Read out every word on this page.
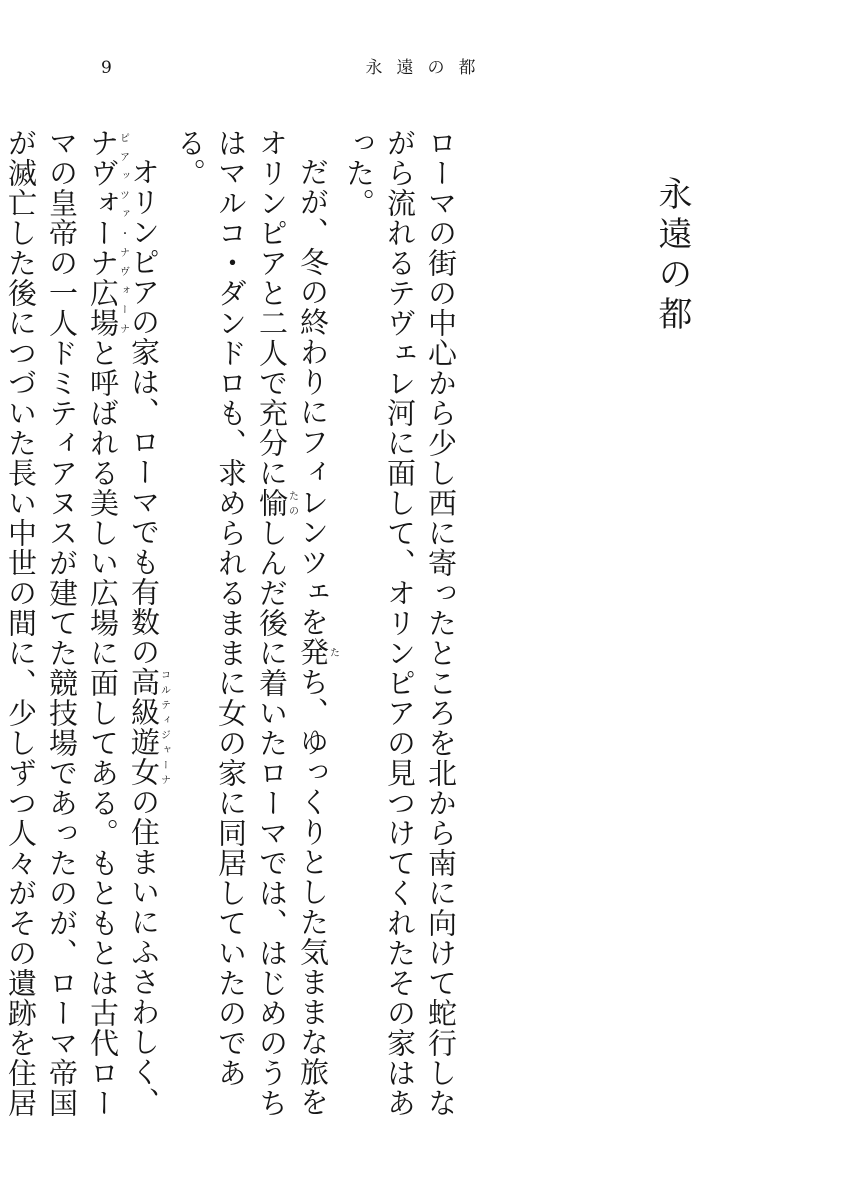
9	永遠の都
永遠の都

ローマの街の中心から少し西に寄ったところを北から南に向けて蛇行しながら流れるテヴェレ河に面して、オリンピアの見つけてくれたその家はあった。

だが、冬の終わりにフィレンツェを発たち、ゆっくりとした気ままな旅をオリンピアと二人で充分に愉たのしんだ後に着いたローマでは、はじめのうちはマルコ・ダンドロも、求められるままに女の家に同居していたのである。

オリンピアの家は、ローマでも有数の高級遊女コルティジャーナの住まいにふさわしく、ナヴォーナ広場ピアッツァ・ナヴォーナと呼ばれる美しい広場に面してある。もともとは古代ローマの皇帝の一人ドミティアヌスが建てた競技場であったのが、ローマ帝国が滅亡した後につづいた長い中世の間に、少しずつ人々がその遺跡を住居
